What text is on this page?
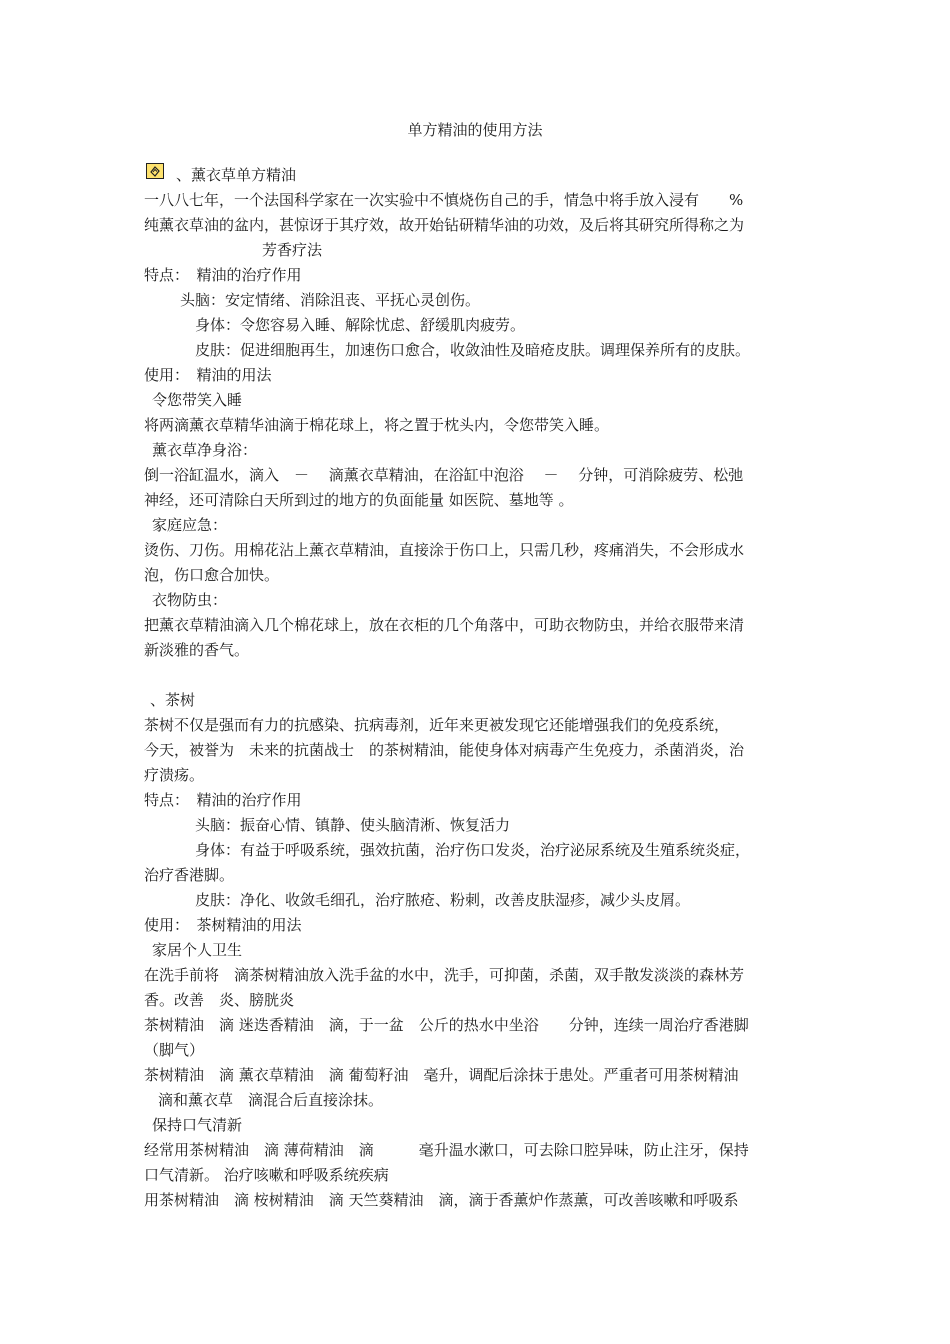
单方精油的使用方法
、薰衣草单方精油
一八八七年，一个法国科学家在一次实验中不慎烧伤自己的手，情急中将手放入浸有　　%
纯薰衣草油的盆内，甚惊讶于其疗效，故开始钻研精华油的功效，及后将其研究所得称之为
芳香疗法
特点：　精油的治疗作用
头脑：安定情绪、消除沮丧、平抚心灵创伤。
身体：令您容易入睡、解除忧虑、舒缓肌肉疲劳。
皮肤：促进细胞再生，加速伤口愈合，收敛油性及暗疮皮肤。调理保养所有的皮肤。
使用：　精油的用法
令您带笑入睡
将两滴薰衣草精华油滴于棉花球上，将之置于枕头内，令您带笑入睡。
薰衣草净身浴：
倒一浴缸温水，滴入　－　 滴薰衣草精油，在浴缸中泡浴　 －　 分钟，可消除疲劳、松弛
神经，还可清除白天所到过的地方的负面能量 如医院、墓地等 。
家庭应急：
烫伤、刀伤。用棉花沾上薰衣草精油，直接涂于伤口上，只需几秒，疼痛消失，不会形成水
泡，伤口愈合加快。
衣物防虫：
把薰衣草精油滴入几个棉花球上，放在衣柜的几个角落中，可助衣物防虫，并给衣服带来清
新淡雅的香气。
、茶树
茶树不仅是强而有力的抗感染、抗病毒剂，近年来更被发现它还能增强我们的免疫系统，
今天，被誉为　未来的抗菌战士　的茶树精油，能使身体对病毒产生免疫力，杀菌消炎，治
疗溃疡。
特点：　精油的治疗作用
头脑：振奋心情、镇静、使头脑清淅、恢复活力
身体：有益于呼吸系统，强效抗菌，治疗伤口发炎，治疗泌尿系统及生殖系统炎症，
治疗香港脚。
皮肤：净化、收敛毛细孔，治疗脓疮、粉刺，改善皮肤湿疹，减少头皮屑。
使用：　茶树精油的用法
家居个人卫生
在洗手前将　滴茶树精油放入洗手盆的水中，洗手，可抑菌，杀菌，双手散发淡淡的森林芳
香。改善　炎、膀胱炎
茶树精油　滴 迷迭香精油　滴，于一盆　公斤的热水中坐浴　　分钟，连续一周治疗香港脚
（脚气）
茶树精油　滴 薰衣草精油　滴 葡萄籽油　毫升，调配后涂抹于患处。严重者可用茶树精油
滴和薰衣草　滴混合后直接涂抹。
保持口气清新
经常用茶树精油　滴 薄荷精油　滴　　　毫升温水漱口，可去除口腔异味，防止注牙，保持
口气清新。 治疗咳嗽和呼吸系统疾病
用茶树精油　滴 桉树精油　滴 天竺葵精油　滴，滴于香薰炉作蒸薰，可改善咳嗽和呼吸系
